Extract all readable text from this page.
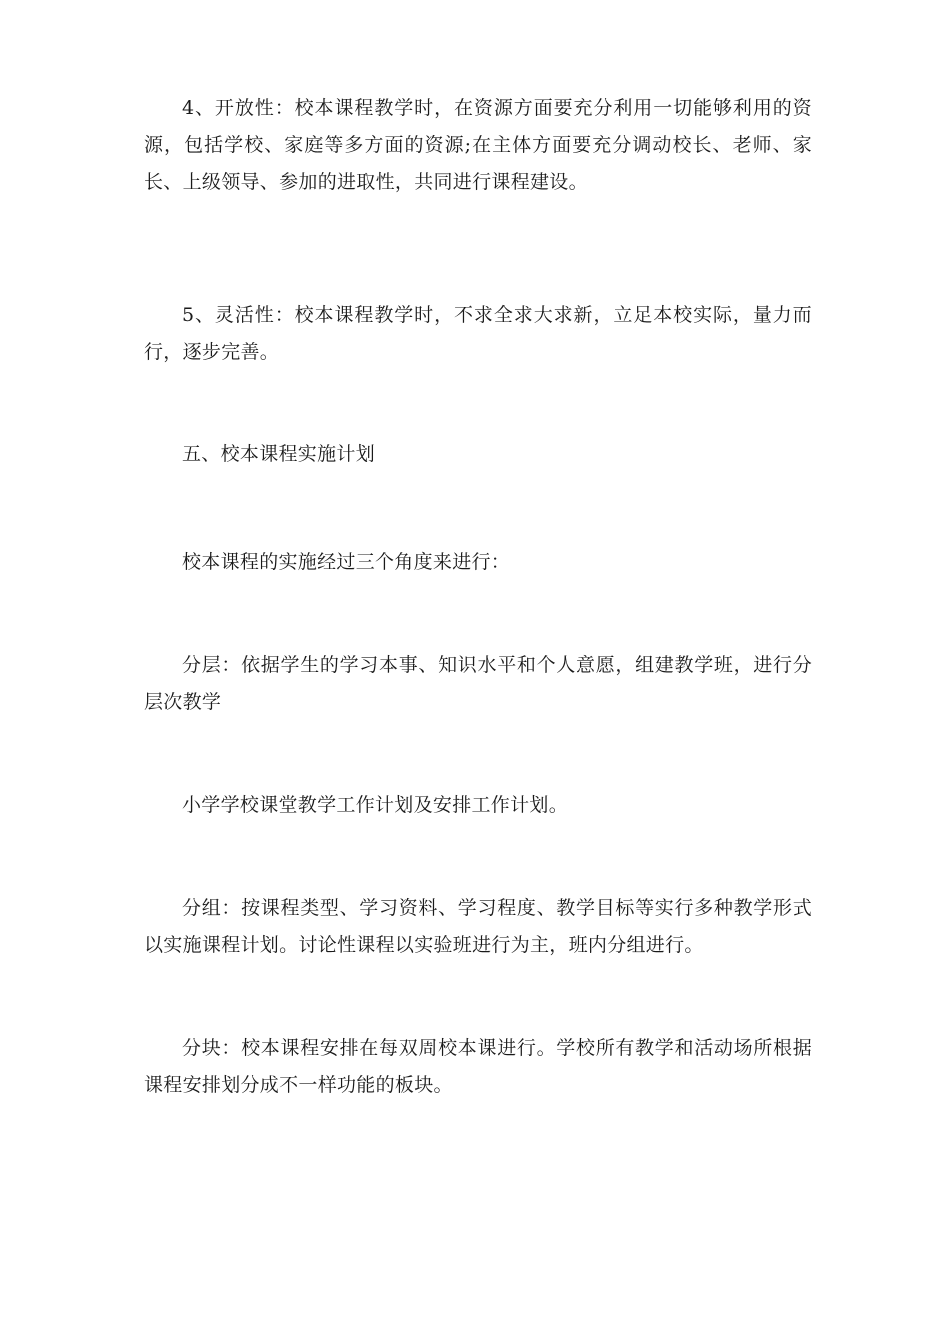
4、开放性：校本课程教学时，在资源方面要充分利用一切能够利用的资源，包括学校、家庭等多方面的资源;在主体方面要充分调动校长、老师、家长、上级领导、参加的进取性，共同进行课程建设。

5、灵活性：校本课程教学时，不求全求大求新，立足本校实际，量力而行，逐步完善。

五、校本课程实施计划

校本课程的实施经过三个角度来进行：

分层：依据学生的学习本事、知识水平和个人意愿，组建教学班，进行分层次教学

小学学校课堂教学工作计划及安排工作计划。

分组：按课程类型、学习资料、学习程度、教学目标等实行多种教学形式以实施课程计划。讨论性课程以实验班进行为主，班内分组进行。

分块：校本课程安排在每双周校本课进行。学校所有教学和活动场所根据课程安排划分成不一样功能的板块。
